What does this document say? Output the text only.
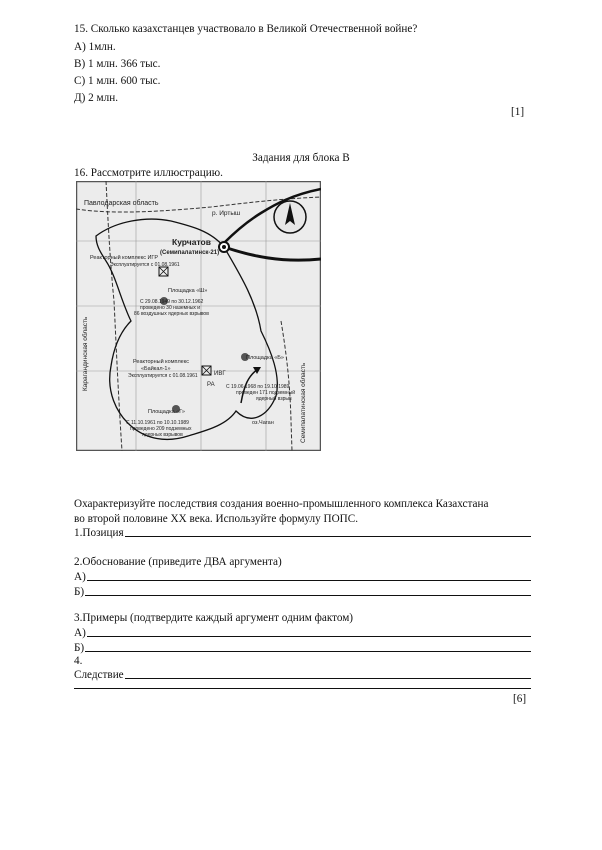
15. Сколько казахстанцев участвовало в Великой Отечественной войне?
А) 1млн.
В) 1 млн. 366 тыс.
С) 1 млн. 600 тыс.
Д) 2 млн.
[1]
Задания для блока В
16. Рассмотрите иллюстрацию.
Павлодарская область
р. Иртыш
Курчатов
(Семипалатинск-21)
Реакторный комплекс ИГР
Эксплуатируется с 01.08.1961
Площадка «Ш»
С 29.08.1949 по 30.12.1962
проведено 30 наземных и
86 воздушных ядерных взрывов
Реакторный комплекс
«Байкал-1»
Эксплуатируется с 01.08.1961	ИВГ
РА
Площадка «Б»
С 19.06.1968 по 19.10.1989
проведен 171 подземный
ядерный взрыв
оз.Чаган
Площадка «Г»
С 11.10.1961 по 10.10.1989
проведено 209 подземных
ядерных взрывов
Карагандинская область
Семипалатинская область
Охарактеризуйте последствия создания военно-промышленного комплекса Казахстана
во второй половине XX века. Используйте формулу ПОПС.
1.Позиция
2.Обоснование (приведите ДВА аргумента)
А)
Б)
3.Примеры (подтвердите каждый аргумент одним фактом)
А)
Б)
4.
Следствие
[6]
